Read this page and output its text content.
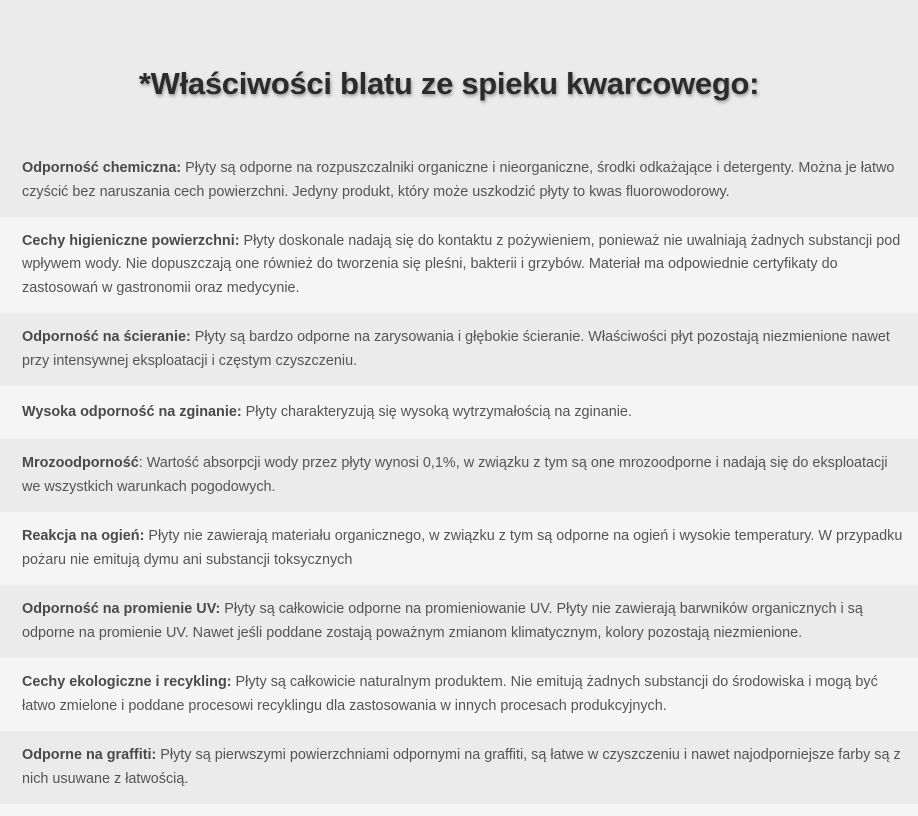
*Właściwości blatu ze spieku kwarcowego:

Odporność chemiczna: Płyty są odporne na rozpuszczalniki organiczne i nieorganiczne, środki odkażające i detergenty. Można je łatwo czyścić bez naruszania cech powierzchni. Jedyny produkt, który może uszkodzić płyty to kwas fluorowodorowy.

Cechy higieniczne powierzchni: Płyty doskonale nadają się do kontaktu z pożywieniem, ponieważ nie uwalniają żadnych substancji pod wpływem wody. Nie dopuszczają one również do tworzenia się pleśni, bakterii i grzybów. Materiał ma odpowiednie certyfikaty do zastosowań w gastronomii oraz medycynie.

Odporność na ścieranie: Płyty są bardzo odporne na zarysowania i głębokie ścieranie. Właściwości płyt pozostają niezmienione nawet przy intensywnej eksploatacji i częstym czyszczeniu.

Wysoka odporność na zginanie: Płyty charakteryzują się wysoką wytrzymałością na zginanie.

Mrozoodporność: Wartość absorpcji wody przez płyty wynosi 0,1%, w związku z tym są one mrozoodporne i nadają się do eksploatacji we wszystkich warunkach pogodowych.

Reakcja na ogień: Płyty nie zawierają materiału organicznego, w związku z tym są odporne na ogień i wysokie temperatury. W przypadku pożaru nie emitują dymu ani substancji toksycznych

Odporność na promienie UV: Płyty są całkowicie odporne na promieniowanie UV. Płyty nie zawierają barwników organicznych i są odporne na promienie UV. Nawet jeśli poddane zostają poważnym zmianom klimatycznym, kolory pozostają niezmienione.

Cechy ekologiczne i recykling: Płyty są całkowicie naturalnym produktem. Nie emitują żadnych substancji do środowiska i mogą być łatwo zmielone i poddane procesowi recyklingu dla zastosowania w innych procesach produkcyjnych.

Odporne na graffiti: Płyty są pierwszymi powierzchniami odpornymi na graffiti, są łatwe w czyszczeniu i nawet najodporniejsze farby są z nich usuwane z łatwością.
